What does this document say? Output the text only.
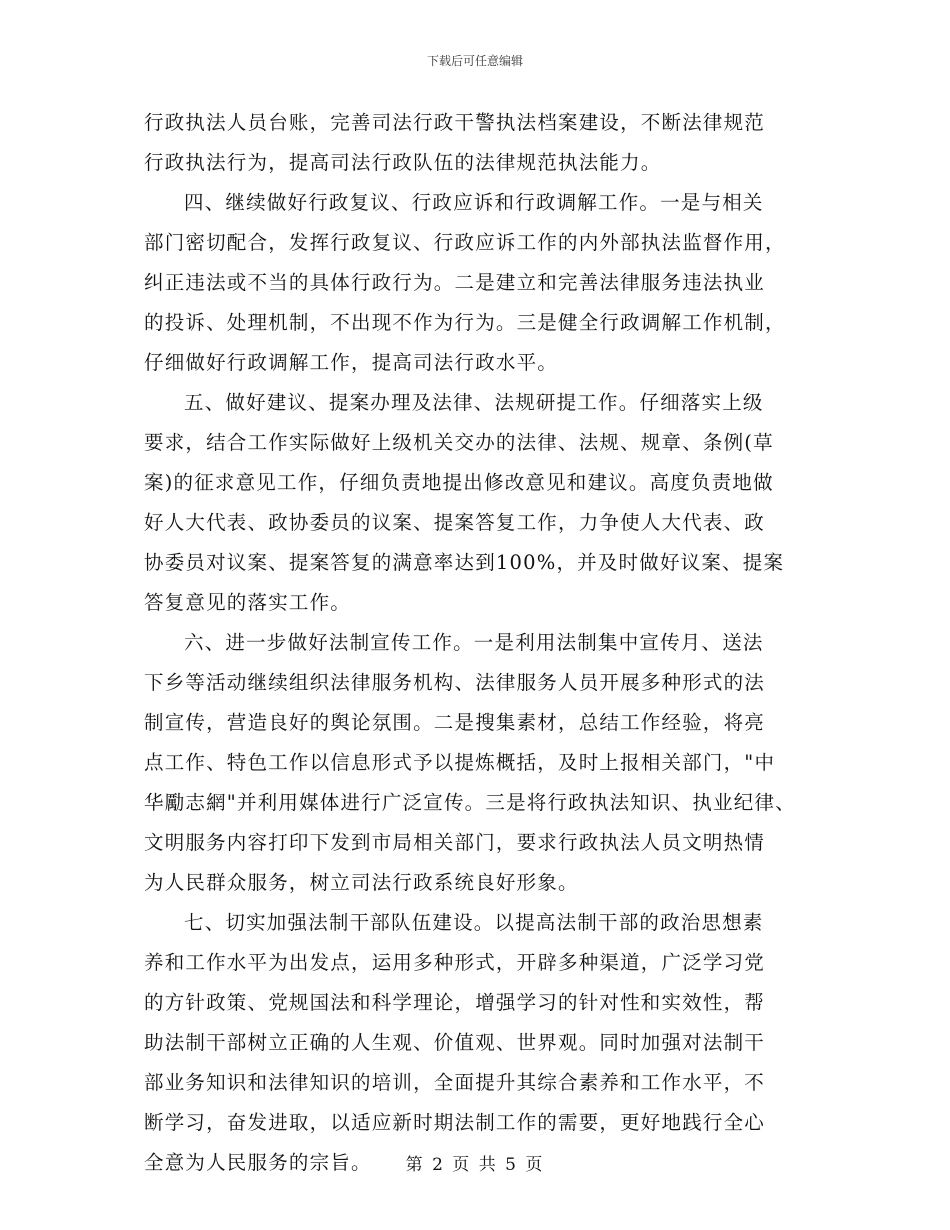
下载后可任意编辑
行政执法人员台账，完善司法行政干警执法档案建设，不断法律规范
行政执法行为，提高司法行政队伍的法律规范执法能力。
四、继续做好行政复议、行政应诉和行政调解工作。一是与相关
部门密切配合，发挥行政复议、行政应诉工作的内外部执法监督作用，
纠正违法或不当的具体行政行为。二是建立和完善法律服务违法执业
的投诉、处理机制，不出现不作为行为。三是健全行政调解工作机制，
仔细做好行政调解工作，提高司法行政水平。
五、做好建议、提案办理及法律、法规研提工作。仔细落实上级
要求，结合工作实际做好上级机关交办的法律、法规、规章、条例(草
案)的征求意见工作，仔细负责地提出修改意见和建议。高度负责地做
好人大代表、政协委员的议案、提案答复工作，力争使人大代表、政
协委员对议案、提案答复的满意率达到100%，并及时做好议案、提案
答复意见的落实工作。
六、进一步做好法制宣传工作。一是利用法制集中宣传月、送法
下乡等活动继续组织法律服务机构、法律服务人员开展多种形式的法
制宣传，营造良好的舆论氛围。二是搜集素材，总结工作经验，将亮
点工作、特色工作以信息形式予以提炼概括，及时上报相关部门，"中
华勵志網"并利用媒体进行广泛宣传。三是将行政执法知识、执业纪律、
文明服务内容打印下发到市局相关部门，要求行政执法人员文明热情
为人民群众服务，树立司法行政系统良好形象。
七、切实加强法制干部队伍建设。以提高法制干部的政治思想素
养和工作水平为出发点，运用多种形式，开辟多种渠道，广泛学习党
的方针政策、党规国法和科学理论，增强学习的针对性和实效性，帮
助法制干部树立正确的人生观、价值观、世界观。同时加强对法制干
部业务知识和法律知识的培训，全面提升其综合素养和工作水平，不
断学习，奋发进取，以适应新时期法制工作的需要，更好地践行全心
全意为人民服务的宗旨。	第 2 页 共 5 页
